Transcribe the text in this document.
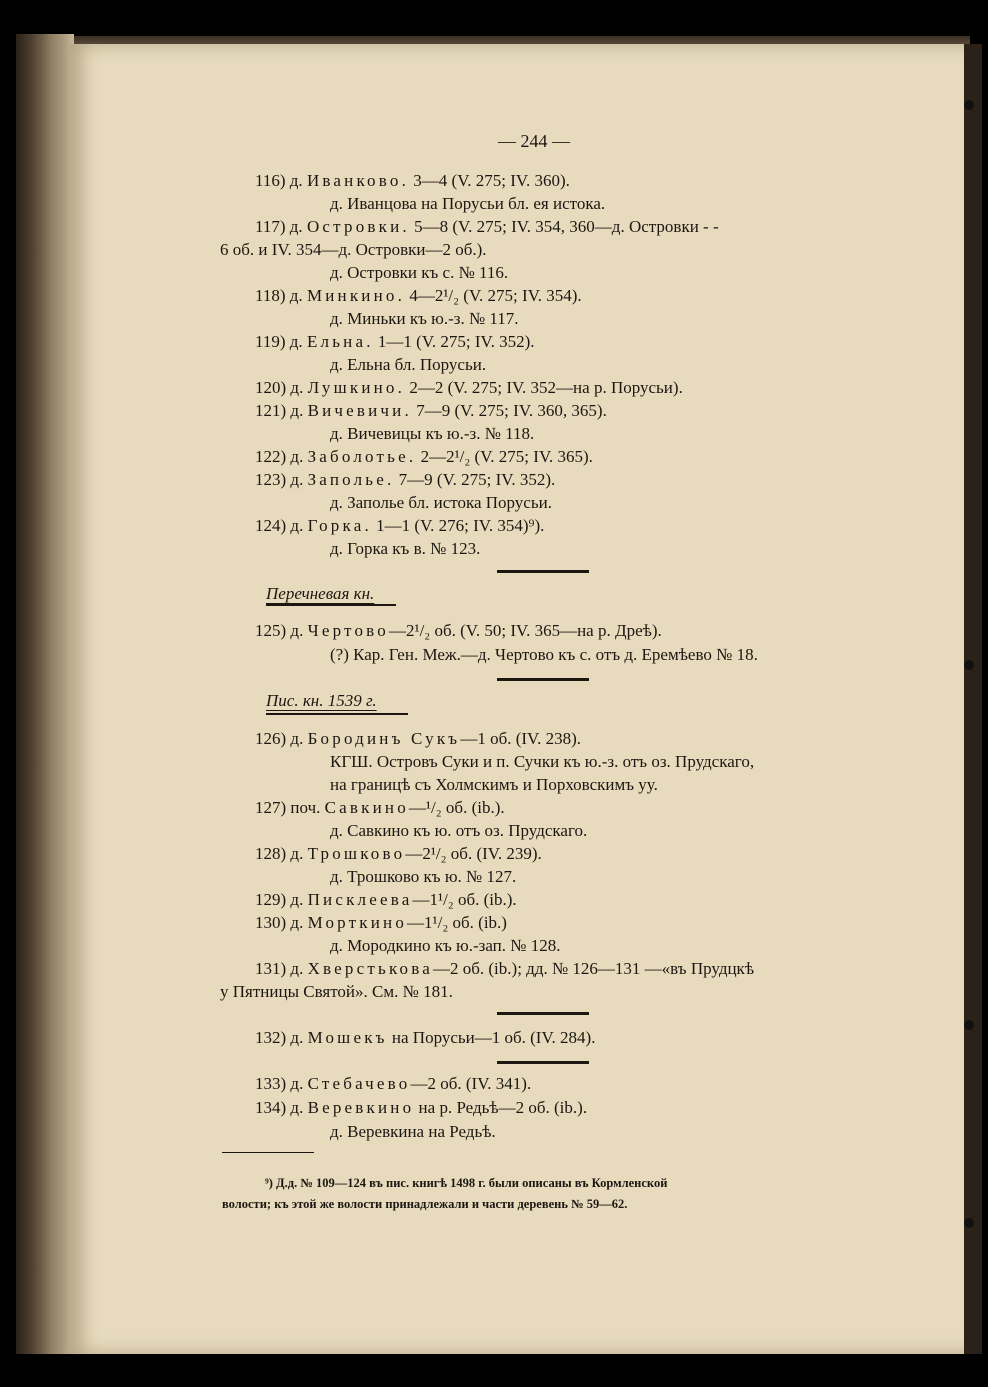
— 244 —
116) д. Иванково. 3—4 (V. 275; IV. 360).
д. Иванцова на Порусьи бл. ея истока.
117) д. Островки. 5—8 (V. 275; IV. 354, 360—д. Островки - -
6 об. и IV. 354—д. Островки—2 об.).
д. Островки къ с. № 116.
118) д. Минкино. 4—2¹/₂ (V. 275; IV. 354).
д. Миньки къ ю.-з. № 117.
119) д. Ельна. 1—1 (V. 275; IV. 352).
д. Ельна бл. Порусьи.
120) д. Лушкино. 2—2 (V. 275; IV. 352—на р. Порусьи).
121) д. Вичевичи. 7—9 (V. 275; IV. 360, 365).
д. Вичевицы къ ю.-з. № 118.
122) д. Заболотье. 2—2¹/₂ (V. 275; IV. 365).
123) д. Заполье. 7—9 (V. 275; IV. 352).
д. Заполье бл. истока Порусьи.
124) д. Горка. 1—1 (V. 276; IV. 354)⁹).
д. Горка къ в. № 123.
Перечневая кн.
125) д. Чертово—2¹/₂ об. (V. 50; IV. 365—на р. Дреѣ).
(?) Кар. Ген. Меж.—д. Чертово къ с. отъ д. Еремѣево № 18.
Пис. кн. 1539 г.
126) д. Бородинъ Сукъ—1 об. (IV. 238).
КГШ. Островъ Суки и п. Сучки къ ю.-з. отъ оз. Прудскаго,
на границѣ съ Холмскимъ и Порховскимъ уу.
127) поч. Савкино—¹/₂ об. (ib.).
д. Савкино къ ю. отъ оз. Прудскаго.
128) д. Трошково—2¹/₂ об. (IV. 239).
д. Трошково къ ю. № 127.
129) д. Писклеева—1¹/₂ об. (ib.).
130) д. Морткино—1¹/₂ об. (ib.)
д. Мородкино къ ю.-зап. № 128.
131) д. Хверстькова—2 об. (ib.); дд. № 126—131 —«въ Прудцкѣ
у Пятницы Святой». См. № 181.
132) д. Мошекъ на Порусьи—1 об. (IV. 284).
133) д. Стебачево—2 об. (IV. 341).
134) д. Веревкино на р. Редьѣ—2 об. (ib.).
д. Веревкина на Редьѣ.
⁹) Д.д. № 109—124 въ пис. книгѣ 1498 г. были описаны въ Кормленской
волости; къ этой же волости принадлежали и части деревень № 59—62.
